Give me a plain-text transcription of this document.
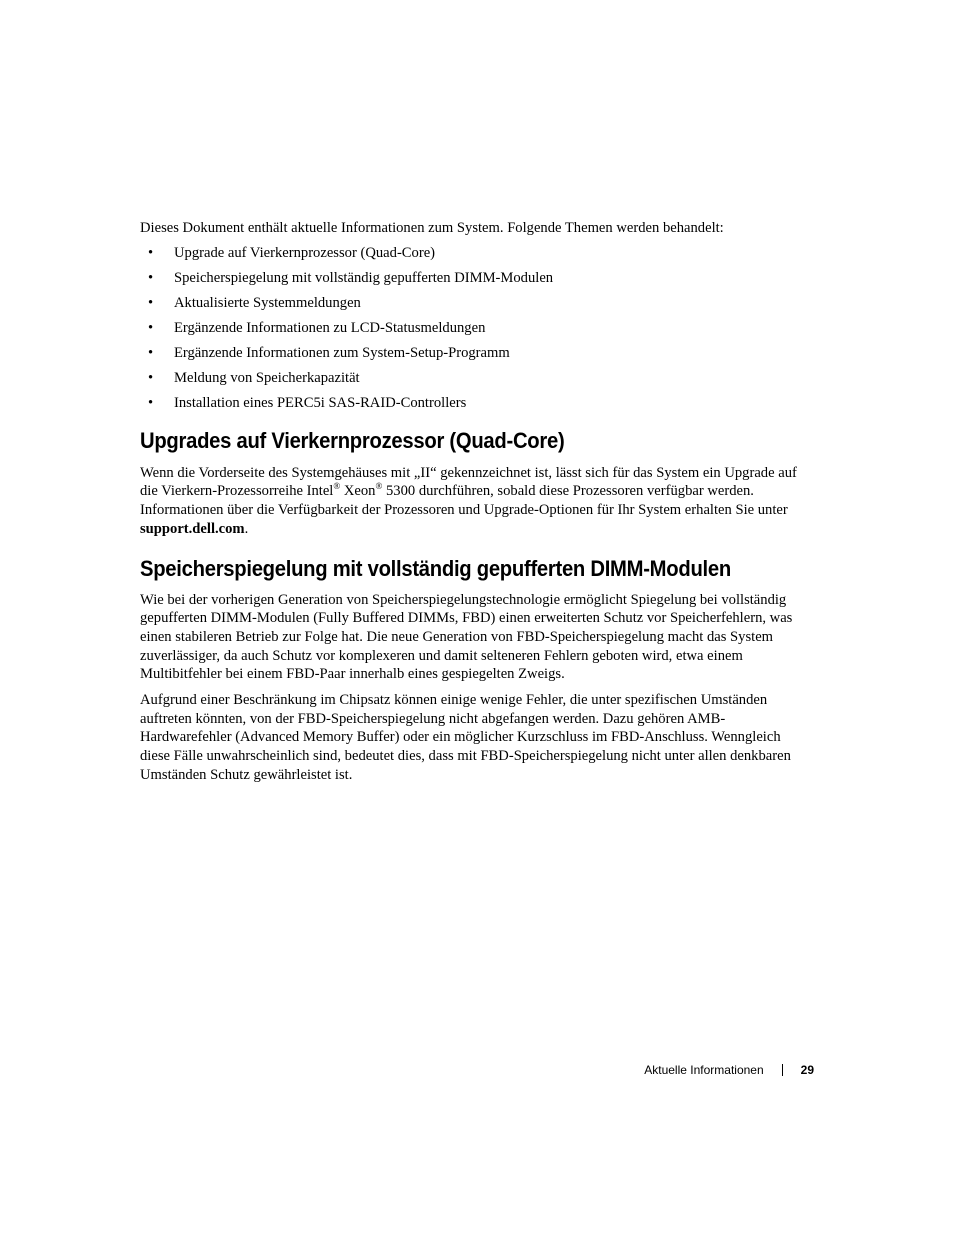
Dieses Dokument enthält aktuelle Informationen zum System. Folgende Themen werden behandelt:

• Upgrade auf Vierkernprozessor (Quad-Core)
• Speicherspiegelung mit vollständig gepufferten DIMM-Modulen
• Aktualisierte Systemmeldungen
• Ergänzende Informationen zu LCD-Statusmeldungen
• Ergänzende Informationen zum System-Setup-Programm
• Meldung von Speicherkapazität
• Installation eines PERC5i SAS-RAID-Controllers
Upgrades auf Vierkernprozessor (Quad-Core)

Wenn die Vorderseite des Systemgehäuses mit „II“ gekennzeichnet ist, lässt sich für das System ein Upgrade auf die Vierkern-Prozessorreihe Intel® Xeon® 5300 durchführen, sobald diese Prozessoren verfügbar werden. Informationen über die Verfügbarkeit der Prozessoren und Upgrade-Optionen für Ihr System erhalten Sie unter support.dell.com.

Speicherspiegelung mit vollständig gepufferten DIMM-Modulen

Wie bei der vorherigen Generation von Speicherspiegelungstechnologie ermöglicht Spiegelung bei vollständig gepufferten DIMM-Modulen (Fully Buffered DIMMs, FBD) einen erweiterten Schutz vor Speicherfehlern, was einen stabileren Betrieb zur Folge hat. Die neue Generation von FBD-Speicherspiegelung macht das System zuverlässiger, da auch Schutz vor komplexeren und damit selteneren Fehlern geboten wird, etwa einem Multibitfehler bei einem FBD-Paar innerhalb eines gespiegelten Zweigs.

Aufgrund einer Beschränkung im Chipsatz können einige wenige Fehler, die unter spezifischen Umständen auftreten könnten, von der FBD-Speicherspiegelung nicht abgefangen werden. Dazu gehören AMB-Hardwarefehler (Advanced Memory Buffer) oder ein möglicher Kurzschluss im FBD-Anschluss. Wenngleich diese Fälle unwahrscheinlich sind, bedeutet dies, dass mit FBD-Speicherspiegelung nicht unter allen denkbaren Umständen Schutz gewährleistet ist.

Aktuelle Informationen	29
